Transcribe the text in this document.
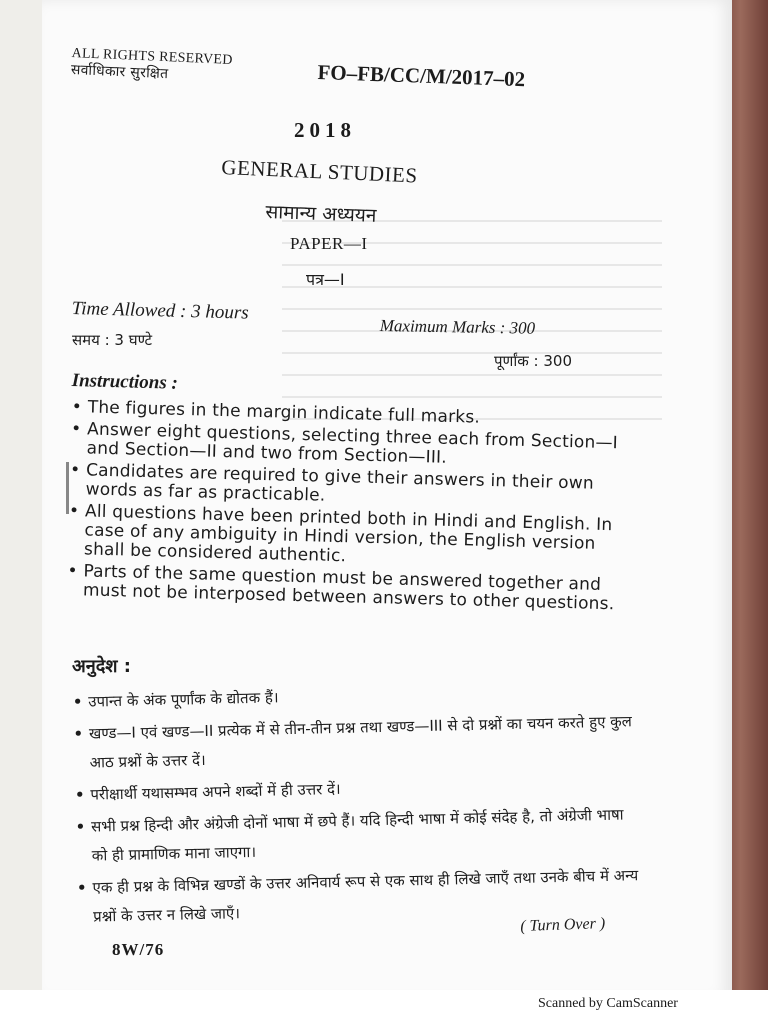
ALL RIGHTS RESERVED
सर्वाधिकार सुरक्षित	FO–FB/CC/M/2017–02
2018
GENERAL STUDIES
सामान्य अध्ययन
PAPER—I
पत्र—I
Time Allowed : 3 hours
समय : 3 घण्टे
Maximum Marks : 300
पूर्णांक : 300
Instructions :
• The figures in the margin indicate full marks.
• Answer eight questions, selecting three each from Section—I and Section—II and two from Section—III.
• Candidates are required to give their answers in their own words as far as practicable.
• All questions have been printed both in Hindi and English. In case of any ambiguity in Hindi version, the English version shall be considered authentic.
• Parts of the same question must be answered together and must not be interposed between answers to other questions.
अनुदेश :
• उपान्त के अंक पूर्णांक के द्योतक हैं।
• खण्ड—I एवं खण्ड—II प्रत्येक में से तीन-तीन प्रश्न तथा खण्ड—III से दो प्रश्नों का चयन करते हुए कुल आठ प्रश्नों के उत्तर दें।
• परीक्षार्थी यथासम्भव अपने शब्दों में ही उत्तर दें।
• सभी प्रश्न हिन्दी और अंग्रेजी दोनों भाषा में छपे हैं। यदि हिन्दी भाषा में कोई संदेह है, तो अंग्रेजी भाषा को ही प्रामाणिक माना जाएगा।
• एक ही प्रश्न के विभिन्न खण्डों के उत्तर अनिवार्य रूप से एक साथ ही लिखे जाएँ तथा उनके बीच में अन्य प्रश्नों के उत्तर न लिखे जाएँ।	( Turn Over )
8W/76
Scanned by CamScanner
